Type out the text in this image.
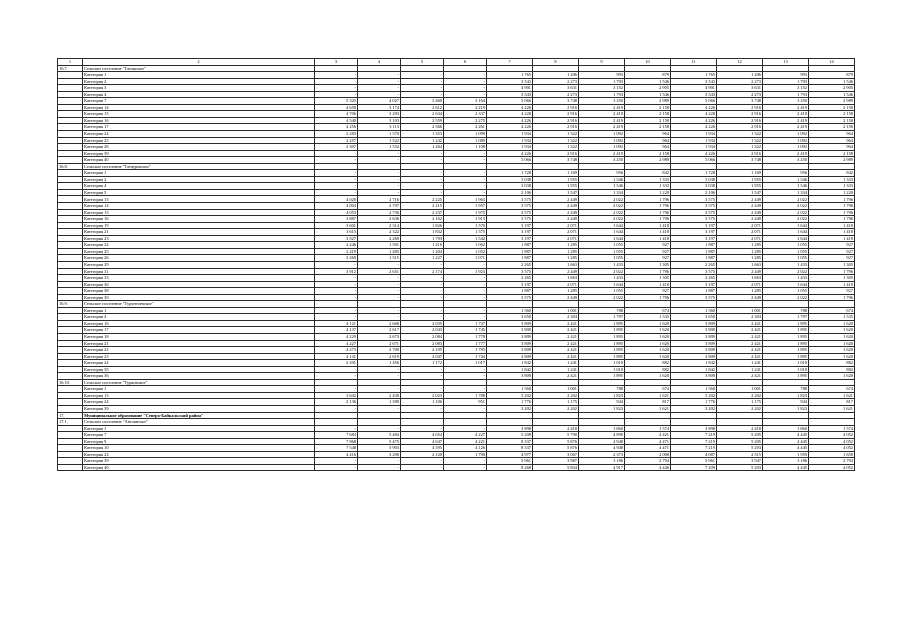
1	2	3	4	5	6	7	8	9	10	11	12	13	14
16.7.	Сельское поселение "Гаташское"												
	Категория 1	-	-	-	-	1 765	1 206	993	879	1 765	1 206	993	879
	Категория 2	-	-	-	-	3 543	2 273	1 793	1 546	3 543	2 273	1 793	1 546
	Категория 3	-	-	-	-	4 901	3 631	3 152	2 905	4 901	3 631	3 152	2 905
	Категория 4	-	-	-	-	3 543	2 273	1 793	1 546	3 543	2 273	1 793	1 546
	Категория 7	5 325	4 027	3 460	3 164	5 066	3 748	3 250	2 989	5 066	3 748	3 250	2 989
	Категория 14	4 658	3 174	2 612	2 219	4 226	2 916	2 419	2 158	4 226	2 916	2 419	2 158
	Категория 15	4 706	3 293	2 634	2 337	4 228	2 916	2 419	2 158	4 228	2 916	2 419	2 158
	Категория 16	4 540	3 103	2 559	2 275	4 226	2 916	2 419	2 158	4 226	2 916	2 419	2 158
	Категория 17	4 256	3 113	2 566	2 261	4 226	2 916	2 419	2 158	4 226	2 916	2 419	2 158
	Категория 24	2 283	1 570	1 353	1 099	1 934	1 322	1 092	964	1 934	1 322	1 092	964
	Категория 25	2 257	1 522	1 242	1 089	1 934	1 322	1 092	964	1 934	1 322	1 092	964
	Категория 26	2 307	1 552	1 264	1 108	1 934	1 322	1 092	964	1 934	1 322	1 092	964
	Категория 39	-	-	-	-	4 226	2 916	2 419	2 158	4 226	2 916	2 419	2 158
	Категория 40	-	-	-	-	5 066	3 748	3 250	2 989	5 066	3 748	3 250	2 989
16.8.	Сельское поселение "Татауровское"												
	Категория 1	-	-	-	-	1 728	1 169	956	842	1 728	1 169	956	842
	Категория 2	-	-	-	-	3 038	1 955	1 546	1 333	3 038	1 955	1 546	1 333
	Категория 4	-	-	-	-	3 038	1 955	1 546	1 333	3 038	1 955	1 546	1 333
	Категория 5	-	-	-	-	2 106	1 547	1 334	1 220	2 106	1 547	1 334	1 220
	Категория 13	4 020	2 716	2 225	1 963	3 575	2 449	2 022	1 796	3 575	2 449	2 022	1 796
	Категория 14	4 004	2 707	2 215	1 957	3 575	2 449	2 022	1 796	3 575	2 449	2 022	1 796
	Категория 15	4 053	2 736	2 237	1 975	3 575	2 449	2 022	1 796	3 575	2 449	2 022	1 796
	Категория 16	3 887	2 636	2 162	1 913	3 575	2 449	2 022	1 796	3 575	2 449	2 022	1 796
	Категория 19	3 601	2 314	1 826	1 570	3 197	2 071	1 644	1 418	3 197	2 071	1 644	1 418
	Категория 21	3 615	2 322	1 832	1 575	3 197	2 071	1 644	1 418	3 197	2 071	1 644	1 418
	Категория 23	3 527	2 269	1 793	1 542	3 197	2 071	1 644	1 418	3 197	2 071	1 644	1 418
	Категория 24	2 246	1 501	1 216	1 062	1 887	1 285	1 055	927	1 887	1 285	1 055	927
	Категория 25	2 219	1 485	1 204	1 052	1 887	1 285	1 055	927	1 887	1 285	1 055	927
	Категория 26	2 269	1 515	1 227	1 071	1 887	1 285	1 055	927	1 887	1 285	1 055	927
	Категория 29	-	-	-	-	2 265	1 663	1 433	1 305	2 265	1 663	1 433	1 305
	Категория 31	3 912	2 651	2 174	1 923	3 575	2 449	2 022	1 796	3 575	2 449	2 022	1 796
	Категория 33	-	-	-	-	2 265	1 663	1 433	1 305	2 265	1 663	1 433	1 305
	Категория 36	-	-	-	-	3 197	2 071	1 644	1 418	3 197	2 071	1 644	1 418
	Категория 38	-	-	-	-	1 887	1 285	1 055	927	1 887	1 285	1 055	927
	Категория 39	-	-	-	-	3 575	2 449	2 022	1 796	3 575	2 449	2 022	1 796
16.9.	Сельское поселение "Турунтаевское"												
	Категория 1	-	-	-	-	1 560	1 001	788	674	1 560	1 001	788	674
	Категория 4	-	-	-	-	3 650	2 304	1 797	1 535	3 650	2 304	1 797	1 535
	Категория 16	4 121	2 668	2 035	1 737	3 809	2 421	1 895	1 620	3 809	2 421	1 895	1 620
	Категория 17	4 137	2 617	2 043	1 745	3 809	2 421	1 895	1 620	3 809	2 421	1 895	1 620
	Категория 18	4 229	2 673	2 084	1 778	3 809	2 421	1 895	1 620	3 809	2 421	1 895	1 620
	Категория 21	4 227	2 671	2 083	1 777	3 809	2 421	1 895	1 620	3 809	2 421	1 895	1 620
	Категория 22	4 273	2 700	2 105	1 795	3 809	2 421	1 895	1 620	3 809	2 421	1 895	1 620
	Категория 23	4 131	2 619	2 047	1 744	3 809	2 421	1 895	1 620	3 809	2 421	1 895	1 620
	Категория 24	2 201	1 456	1 172	1 017	1 842	1 241	1 010	882	1 842	1 241	1 010	882
	Категория 35	-	-	-	-	1 842	1 241	1 010	882	1 842	1 241	1 010	882
	Категория 36	-	-	-	-	3 809	2 421	1 895	1 620	3 809	2 421	1 895	1 620
16.10.	Сельское поселение "Турковское"												
	Категория 1	-	-	-	-	1 560	1 001	788	674	1 560	1 001	788	674
	Категория 13	3 642	2 430	2 023	1 788	3 202	2 202	1 823	1 621	3 202	2 202	1 823	1 621
	Категория 24	2 136	1 390	1 106	951	1 776	1 175	944	817	1 776	1 175	944	817
	Категория 39	-	-	-	-	3 202	2 202	1 823	1 621	3 202	2 202	1 823	1 621
17.	Муниципальное образование "Северо-Байкальский район"												
17.1.	Сельское поселение "Ангоянское"												
	Категория 1	-	-	-	-	3 898	2 418	1 860	1 574	3 898	2 418	1 860	1 574
	Категория 7	7 684	5 484	4 654	4 227	5 208	5 790	4 890	4 421	7 219	5 205	4 445	4 052
	Категория 9	7 868	5 475	4 647	4 221	8 337	5 876	4 948	4 471	7 219	5 205	4 445	4 052
	Категория 10	7 548	5 903	4 595	4 126	8 337	5 876	4 948	4 471	7 219	5 203	4 445	4 052
	Категория 24	4 416	3 290	2 120	1 790	4 977	3 067	2 373	2 008	4 087	2 515	1 959	1 658
	Категория 39	-	-	-	-	5 961	3 987	3 186	2 794	5 961	3 947	3 186	2 794
	Категория 40	-	-	-	-	8 268	5 834	4 917	4 446	7 209	5 203	4 445	4 052
